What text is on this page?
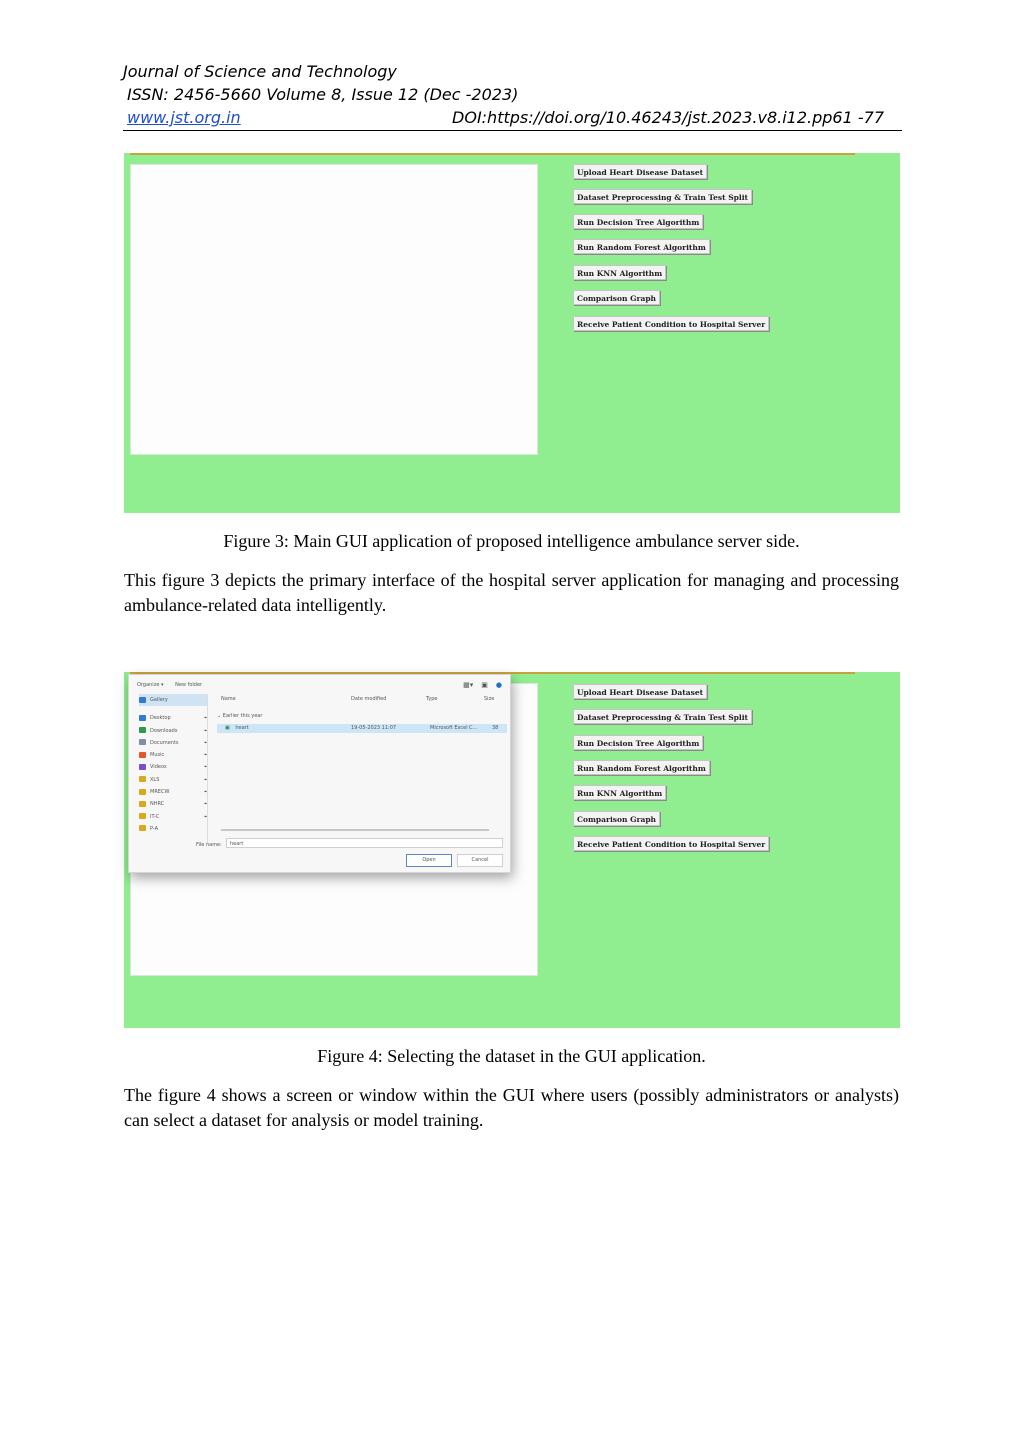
Journal of Science and Technology
ISSN: 2456-5660 Volume 8, Issue 12 (Dec -2023)
www.jst.org.in	DOI:https://doi.org/10.46243/jst.2023.v8.i12.pp61 -77
Upload Heart Disease Dataset
Dataset Preprocessing & Train Test Split
Run Decision Tree Algorithm
Run Random Forest Algorithm
Run KNN Algorithm
Comparison Graph
Receive Patient Condition to Hospital Server
Figure 3: Main GUI application of proposed intelligence ambulance server side.
This figure 3 depicts the primary interface of the hospital server application for managing and processing ambulance-related data intelligently.
Upload Heart Disease Dataset
Dataset Preprocessing & Train Test Split
Run Decision Tree Algorithm
Run Random Forest Algorithm
Run KNN Algorithm
Comparison Graph
Receive Patient Condition to Hospital Server
Organize ▾ New folder	▦▾ ▣ ●
Gallery
Desktop	⌖
Downloads	⌖
Documents	⌖
Music	⌖
Videos	⌖
XLS	⌖
MRECW	⌖
NHRC	⌖
IT-C	⌖
P-A
Name	Date modified	Type	Size
⌄ Earlier this year
▣ heart	19-05-2023 11:07	Microsoft Excel C...	38
File name:	heart
Open	Cancel
Figure 4: Selecting the dataset in the GUI application.
The figure 4 shows a screen or window within the GUI where users (possibly administrators or analysts) can select a dataset for analysis or model training.
